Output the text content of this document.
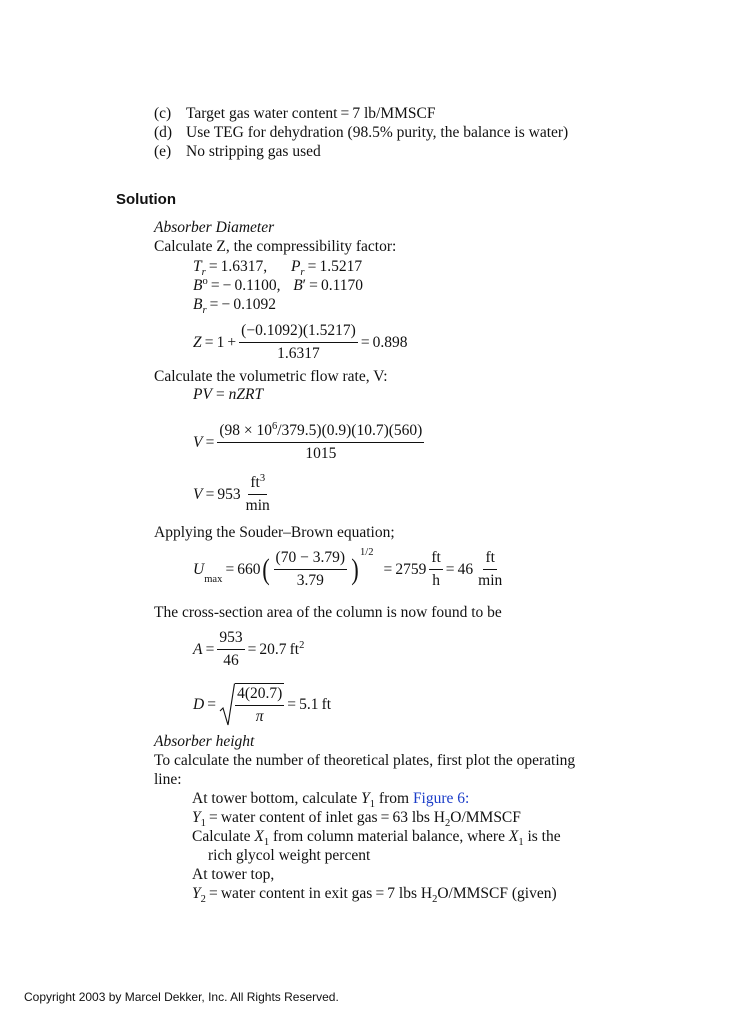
(c) Target gas water content = 7 lb/MMSCF
(d) Use TEG for dehydration (98.5% purity, the balance is water)
(e) No stripping gas used
Solution
Absorber Diameter
Calculate Z, the compressibility factor:
$T_r = 1.6317$, $P_r = 1.5217$
$B^o$ = − 0.1100, B′ = 0.1170
$B_r$ = − 0.1092
$Z = 1 + \frac{(-0.1092)(1.5217)}{1.6317} = 0.898$
Calculate the volumetric flow rate, V:
PV = nZRT
$V = \frac{(98 \times 10^6/379.5)(0.9)(10.7)(560)}{1015}$
$V = 953 \frac{ft^3}{\min}$
Applying the Souder–Brown equation;
U
max
 = 660 ( $\frac{(70 - 3.79)}{3.79}$ ) 1/2
= $2759 \frac{ft}{h} = 46 \frac{ft}{\min}$
The cross-section area of the column is now found to be
$A = \frac{953}{46} = 20.7$ $ft^2$
$D = \frac{4(20.7)}{\pi} = 5.1$ ft
Absorber height
To calculate the number of theoretical plates, first plot the operating
line:
At tower bottom, calculate $Y_1$ from Figure 6:
$Y_1$ = water content of inlet gas = 63 lbs $H_2O$/MMSCF
Calculate $X_1$ from column material balance, where $X_1$ is the
rich glycol weight percent
At tower top,
$Y_2$ = water content in exit gas = 7 lbs $H_2O$/MMSCF (given)
Copyright 2003 by Marcel Dekker, Inc. All Rights Reserved.
